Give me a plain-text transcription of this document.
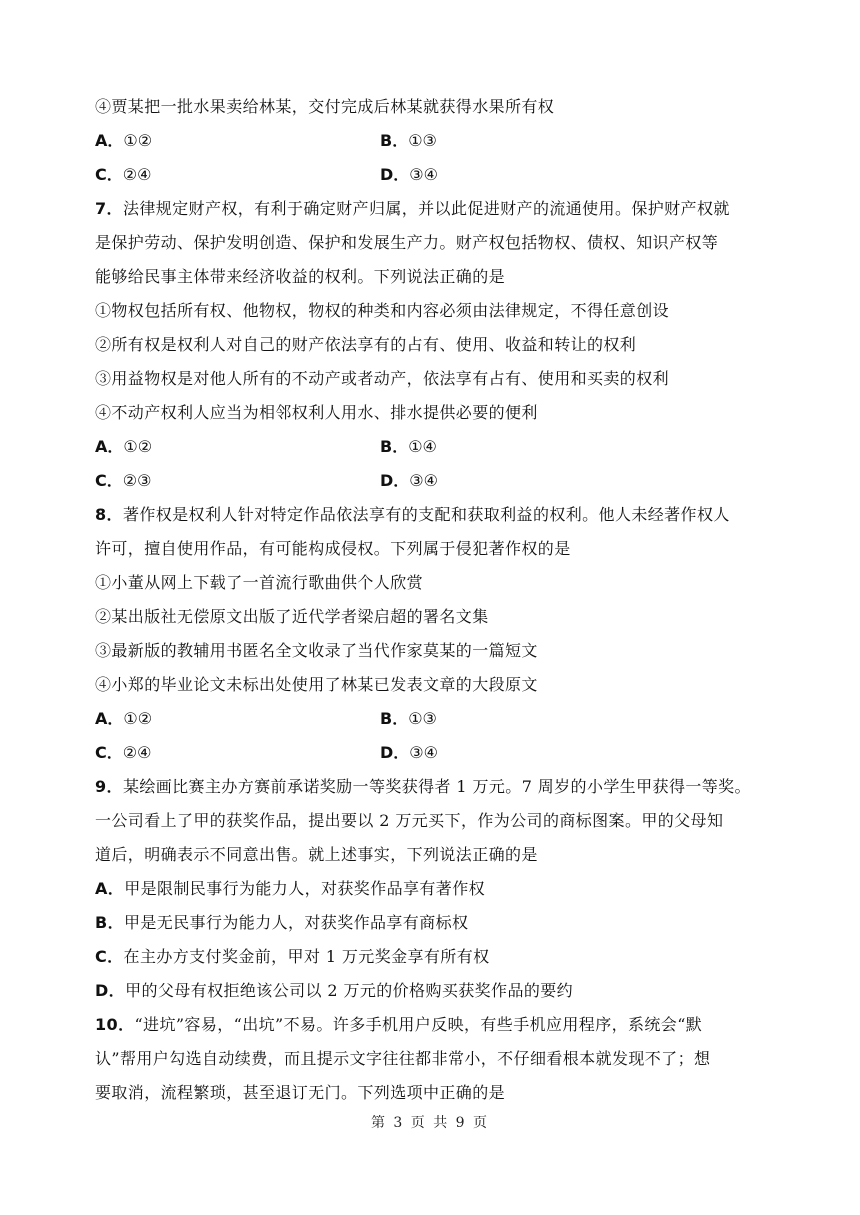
④贾某把一批水果卖给林某，交付完成后林某就获得水果所有权
A．①②	B．①③
C．②④	D．③④
7．法律规定财产权，有利于确定财产归属，并以此促进财产的流通使用。保护财产权就
是保护劳动、保护发明创造、保护和发展生产力。财产权包括物权、债权、知识产权等
能够给民事主体带来经济收益的权利。下列说法正确的是
①物权包括所有权、他物权，物权的种类和内容必须由法律规定，不得任意创设
②所有权是权利人对自己的财产依法享有的占有、使用、收益和转让的权利
③用益物权是对他人所有的不动产或者动产，依法享有占有、使用和买卖的权利
④不动产权利人应当为相邻权利人用水、排水提供必要的便利
A．①②	B．①④
C．②③	D．③④
8．著作权是权利人针对特定作品依法享有的支配和获取利益的权利。他人未经著作权人
许可，擅自使用作品，有可能构成侵权。下列属于侵犯著作权的是
①小董从网上下载了一首流行歌曲供个人欣赏
②某出版社无偿原文出版了近代学者梁启超的署名文集
③最新版的教辅用书匿名全文收录了当代作家莫某的一篇短文
④小郑的毕业论文未标出处使用了林某已发表文章的大段原文
A．①②	B．①③
C．②④	D．③④
9．某绘画比赛主办方赛前承诺奖励一等奖获得者 1 万元。7 周岁的小学生甲获得一等奖。
一公司看上了甲的获奖作品，提出要以 2 万元买下，作为公司的商标图案。甲的父母知
道后，明确表示不同意出售。就上述事实，下列说法正确的是
A．甲是限制民事行为能力人，对获奖作品享有著作权
B．甲是无民事行为能力人，对获奖作品享有商标权
C．在主办方支付奖金前，甲对 1 万元奖金享有所有权
D．甲的父母有权拒绝该公司以 2 万元的价格购买获奖作品的要约
10．“进坑”容易，“出坑”不易。许多手机用户反映，有些手机应用程序，系统会“默
认”帮用户勾选自动续费，而且提示文字往往都非常小，不仔细看根本就发现不了；想
要取消，流程繁琐，甚至退订无门。下列选项中正确的是
第 3 页 共 9 页
